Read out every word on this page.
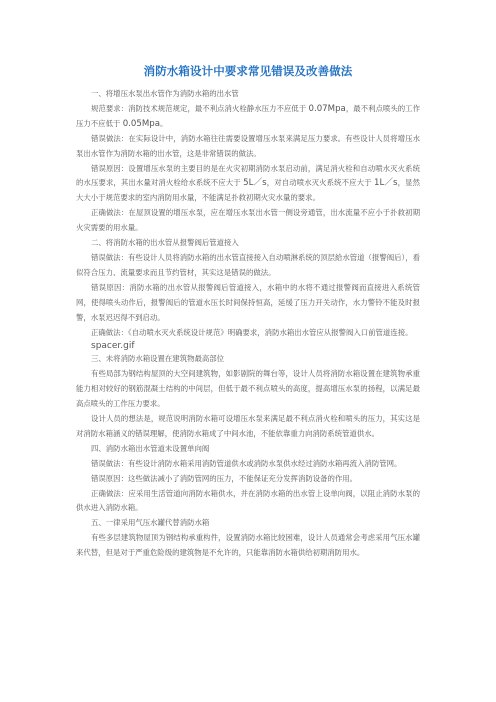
消防水箱设计中要求常见错误及改善做法

一、将增压水泵出水管作为消防水箱的出水管

规范要求：消防技术规范规定，最不利点消火栓静水压力不应低于 0.07Mpa，最不利点喷头的工作压力不应低于 0.05Mpa。

错误做法：在实际设计中，消防水箱往往需要设置增压水泵来满足压力要求。有些设计人员将增压水泵出水管作为消防水箱的出水管，这是非常错误的做法。

错误原因：设置增压水泵的主要目的是在火灾初期消防水泵启动前，满足消火栓和自动喷水灭火系统的水压要求，其出水量对消火栓给水系统不应大于 5L／s，对自动喷水灭火系统不应大于 1L／s，显然大大小于规范要求的室内消防用水量，不能满足扑救初期火灾水量的要求。

正确做法：在屋顶设置的增压水泵，应在增压水泵出水管一侧设旁通管，出水流量不应小于扑救初期火灾需要的用水量。

二、将消防水箱的出水管从报警阀后管道接入

错误做法：有些设计人员将消防水箱的出水管直接接入自动喷淋系统的顶层給水管道（报警阀后），看似符合压力、流量要求而且节约管材，其实这是错误的做法。

错误原因：消防水箱的出水管从报警阀后管道接入，水箱中的水将不通过报警阀而直接进入系统管网，使得喷头动作后，报警阀后的管道水压长时间保持恒高，延缓了压力开关动作，水力警铃不能及时报警，水泵迟迟得不到启动。

正确做法：《自动喷水灭火系统设计规范》明确要求，消防水箱出水管应从报警阀入口前管道连接。

spacer.gif

三、未将消防水箱设置在建筑物最高部位

有些局部为钢结构屋顶的大空间建筑物，如影剧院的舞台等，设计人员将消防水箱设置在建筑物承重能力相对较好的钢筋混凝土结构的中间层，但低于最不利点喷头的高度，提高增压水泵的扬程，以满足最高点喷头的工作压力要求。

设计人员的想法是，规范说明消防水箱可设增压水泵来满足最不利点消火栓和喷头的压力，其实这是对消防水箱涵义的错误理解，使消防水箱成了中间水池，不能依靠重力向消防系统管道供水。

四、消防水箱出水管道未设置单向阀

错误做法：有些设计消防水箱采用消防管道供水或消防水泵供水经过消防水箱再流入消防管网。

错误原因：这些做法减小了消防管网的压力，不能保证充分发挥消防设备的作用。

正确做法：应采用生活管道向消防水箱供水，并在消防水箱的出水管上设单向阀，以阻止消防水泵的供水进入消防水箱。

五、一律采用气压水罐代替消防水箱

有些多层建筑物屋顶为钢结构承重构件，设置消防水箱比较困难，设计人员通常会考虑采用气压水罐来代替，但是对于严重危险级的建筑物是不允许的，只能靠消防水箱供给初期消防用水。
